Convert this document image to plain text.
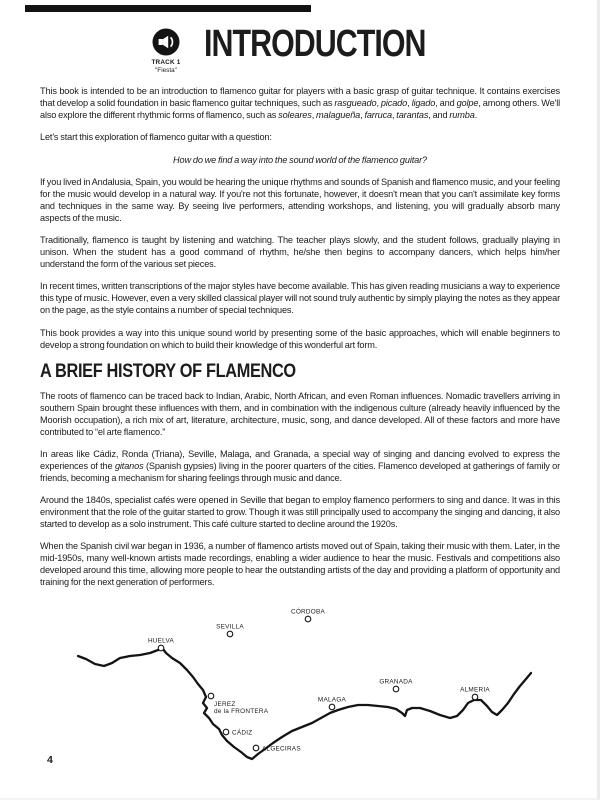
TRACK 1
"Fiesta"
INTRODUCTION

This book is intended to be an introduction to flamenco guitar for players with a basic grasp of guitar technique. It contains exercises that develop a solid foundation in basic flamenco guitar techniques, such as rasgueado, picado, ligado, and golpe, among others. We'll also explore the different rhythmic forms of flamenco, such as soleares, malagueña, farruca, tarantas, and rumba.

Let's start this exploration of flamenco guitar with a question:

How do we find a way into the sound world of the flamenco guitar?

If you lived in Andalusia, Spain, you would be hearing the unique rhythms and sounds of Spanish and flamenco music, and your feeling for the music would develop in a natural way. If you're not this fortunate, however, it doesn't mean that you can't assimilate key forms and techniques in the same way. By seeing live performers, attending workshops, and listening, you will gradually absorb many aspects of the music.

Traditionally, flamenco is taught by listening and watching. The teacher plays slowly, and the student follows, gradually playing in unison. When the student has a good command of rhythm, he/she then begins to accompany dancers, which helps him/her understand the form of the various set pieces.

In recent times, written transcriptions of the major styles have become available. This has given reading musicians a way to experience this type of music. However, even a very skilled classical player will not sound truly authentic by simply playing the notes as they appear on the page, as the style contains a number of special techniques.

This book provides a way into this unique sound world by presenting some of the basic approaches, which will enable beginners to develop a strong foundation on which to build their knowledge of this wonderful art form.

A BRIEF HISTORY OF FLAMENCO

The roots of flamenco can be traced back to Indian, Arabic, North African, and even Roman influences. Nomadic travellers arriving in southern Spain brought these influences with them, and in combination with the indigenous culture (already heavily influenced by the Moorish occupation), a rich mix of art, literature, architecture, music, song, and dance developed. All of these factors and more have contributed to “el arte flamenco.”

In areas like Cádiz, Ronda (Triana), Seville, Malaga, and Granada, a special way of singing and dancing evolved to express the experiences of the gitanos (Spanish gypsies) living in the poorer quarters of the cities. Flamenco developed at gatherings of family or friends, becoming a mechanism for sharing feelings through music and dance.

Around the 1840s, specialist cafés were opened in Seville that began to employ flamenco performers to sing and dance. It was in this environment that the role of the guitar started to grow. Though it was still principally used to accompany the singing and dancing, it also started to develop as a solo instrument. This café culture started to decline around the 1920s.

When the Spanish civil war began in 1936, a number of flamenco artists moved out of Spain, taking their music with them. Later, in the mid-1950s, many well-known artists made recordings, enabling a wider audience to hear the music. Festivals and competitions also developed around this time, allowing more people to hear the outstanding artists of the day and providing a platform of opportunity and training for the next generation of performers.

HUELVA
SEVILLA
CÓRDOBA
GRANADA
ALMERIA
MALAGA
JEREZ
de la FRONTERA
CÁDIZ
ALGECIRAS
4
